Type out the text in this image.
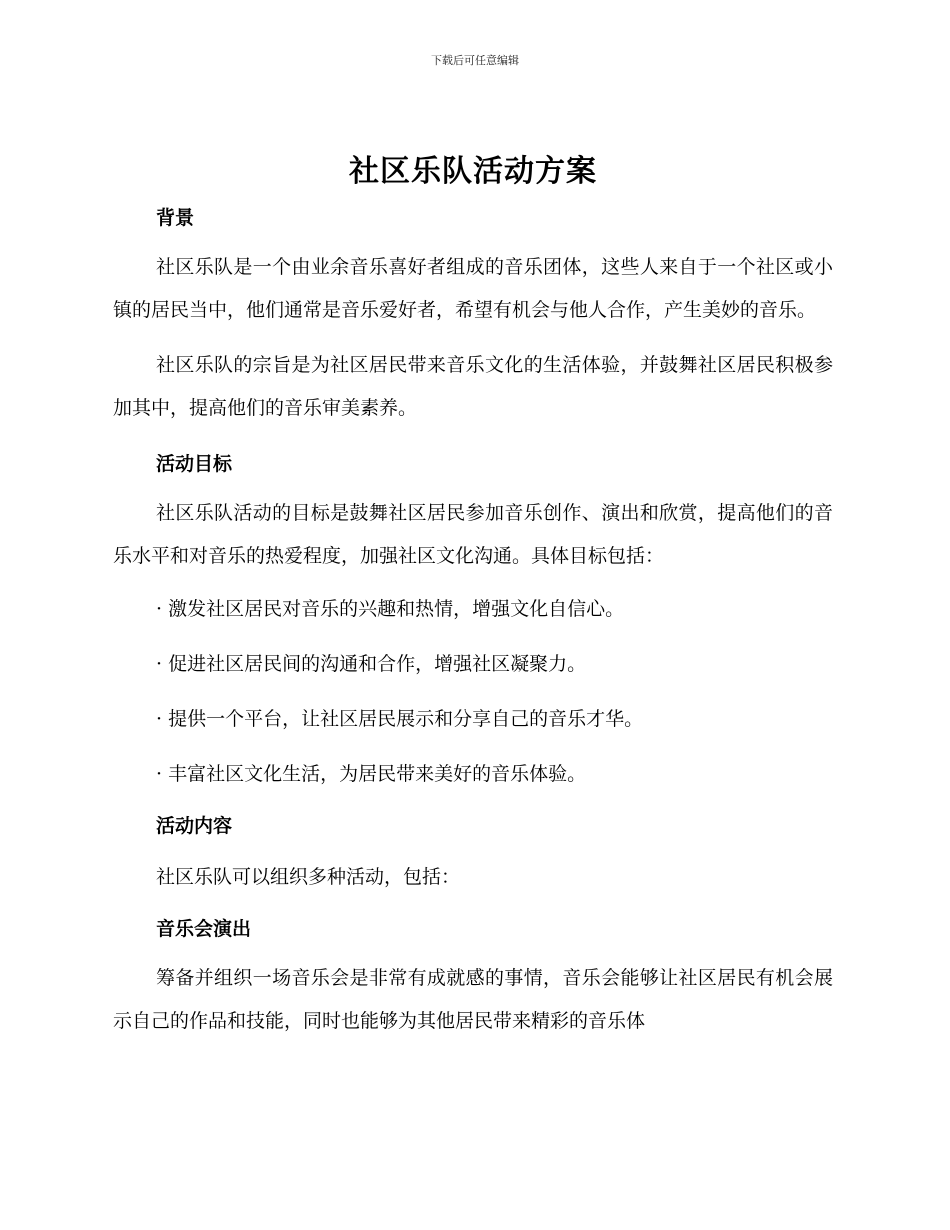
下载后可任意编辑
社区乐队活动方案
背景

社区乐队是一个由业余音乐喜好者组成的音乐团体，这些人来自于一个社区或小镇的居民当中，他们通常是音乐爱好者，希望有机会与他人合作，产生美妙的音乐。

社区乐队的宗旨是为社区居民带来音乐文化的生活体验，并鼓舞社区居民积极参加其中，提高他们的音乐审美素养。

活动目标

社区乐队活动的目标是鼓舞社区居民参加音乐创作、演出和欣赏，提高他们的音乐水平和对音乐的热爱程度，加强社区文化沟通。具体目标包括：

· 激发社区居民对音乐的兴趣和热情，增强文化自信心。
· 促进社区居民间的沟通和合作，增强社区凝聚力。
· 提供一个平台，让社区居民展示和分享自己的音乐才华。
· 丰富社区文化生活，为居民带来美好的音乐体验。
活动内容
社区乐队可以组织多种活动，包括：
音乐会演出

筹备并组织一场音乐会是非常有成就感的事情，音乐会能够让社区居民有机会展示自己的作品和技能，同时也能够为其他居民带来精彩的音乐体
